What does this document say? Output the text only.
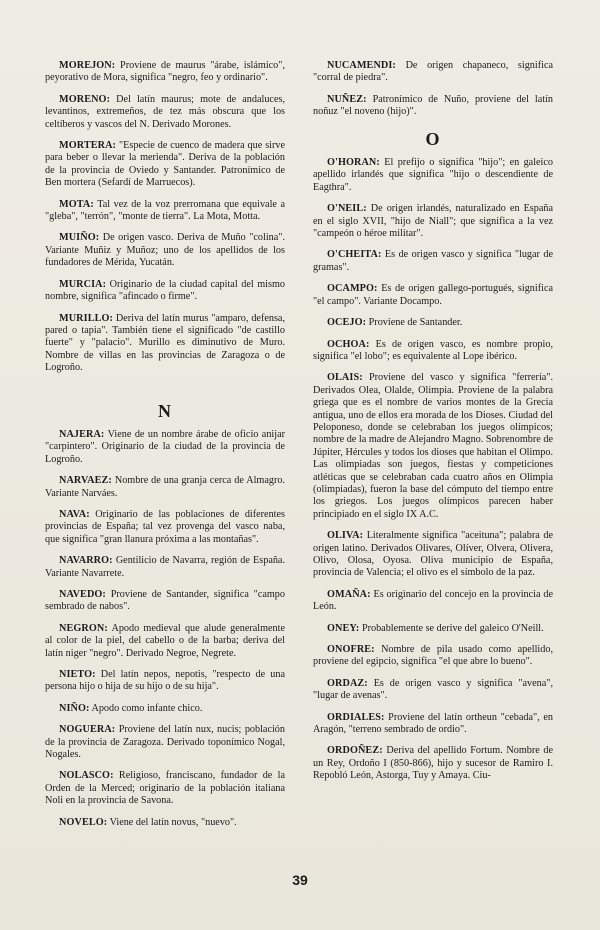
MOREJON: Proviene de maurus "árabe, islámico", peyorativo de Mora, significa "negro, feo y ordinario".

MORENO: Del latín maurus; mote de andaluces, levantinos, extremeños, de tez más obscura que los celtíberos y vascos del N. Derivado Morones.

MORTERA: "Especie de cuenco de madera que sirve para beber o llevar la merienda". Deriva de la población de la provincia de Oviedo y Santander. Patronímico de Ben mortera (Sefardí de Marruecos).

MOTA: Tal vez de la voz prerromana que equivale a "gleba", "terrón", "monte de tierra". La Mota, Motta.

MUIÑO: De origen vasco. Deriva de Muño "colina". Variante Muñiz y Muñoz; uno de los apellidos de los fundadores de Mérida, Yucatán.

MURCIA: Originario de la ciudad capital del mismo nombre, significa "afincado o firme".

MURILLO: Deriva del latín murus "amparo, defensa, pared o tapia". También tiene el significado "de castillo fuerte" y "palacio". Murillo es diminutivo de Muro. Nombre de villas en las provincias de Zaragoza o de Logroño.

N

NAJERA: Viene de un nombre árabe de oficio anijar "carpintero". Originario de la ciudad de la provincia de Logroño.

NARVAEZ: Nombre de una granja cerca de Almagro. Variante Narváes.

NAVA: Originario de las poblaciones de diferentes provincias de España; tal vez provenga del vasco naba, que significa "gran llanura próxima a las montañas".

NAVARRO: Gentilicio de Navarra, región de España. Variante Navarrete.

NAVEDO: Proviene de Santander, significa "campo sembrado de nabos".

NEGRON: Apodo medieval que alude generalmente al color de la piel, del cabello o de la barba; deriva del latín niger "negro". Derivado Negroe, Negrete.

NIETO: Del latín nepos, nepotis, "respecto de una persona hijo o hija de su hijo o de su hija".

NIÑO: Apodo como infante chico.

NOGUERA: Proviene del latín nux, nucis; población de la provincia de Zaragoza. Derivado toponímico Nogal, Nogales.

NOLASCO: Religioso, franciscano, fundador de la Orden de la Merced; originario de la población italiana Noli en la provincia de Savona.

NOVELO: Viene del latín novus, "nuevo".

NUCAMENDI: De origen chapaneco, significa "corral de piedra".

NUÑEZ: Patronímico de Nuño, proviene del latín noñuz "el noveno (hijo)".

O

O'HORAN: El prefijo o significa "hijo"; en galeico apellido irlandés que significa "hijo o descendiente de Eagthra".

O'NEIL: De origen irlandés, naturalizado en España en el siglo XVII, "hijo de Niall"; que significa a la vez "campeón o héroe militar".

O'CHEITA: Es de origen vasco y significa "lugar de gramas".

OCAMPO: Es de origen gallego-portugués, significa "el campo". Variante Docampo.

OCEJO: Proviene de Santander.

OCHOA: Es de origen vasco, es nombre propio, significa "el lobo"; es equivalente al Lope ibérico.

OLAIS: Proviene del vasco y significa "ferrería". Derivados Olea, Olalde, Olimpia. Proviene de la palabra griega que es el nombre de varios montes de la Grecia antigua, uno de ellos era morada de los Dioses. Ciudad del Peloponeso, donde se celebraban los juegos olímpicos; nombre de la madre de Alejandro Magno. Sobrenombre de Júpiter, Hércules y todos los dioses que habitan el Olimpo. Las olimpiadas son juegos, fiestas y competiciones atléticas que se celebraban cada cuatro años en Olimpia (olimpiadas), fueron la base del cómputo del tiempo entre los griegos. Los juegos olímpicos parecen haber principiado en el siglo IX A.C.

OLIVA: Literalmente significa "aceituna"; palabra de origen latino. Derivados Olivares, Olíver, Olvera, Olivera, Olivo, Olosa, Oyosa. Oliva municipio de España, provincia de Valencia; el olivo es el símbolo de la paz.

OMAÑA: Es originario del concejo en la provincia de León.

ONEY: Probablemente se derive del galeico O'Neill.

ONOFRE: Nombre de pila usado como apellido, proviene del egipcio, significa "el que abre lo bueno".

ORDAZ: Es de origen vasco y significa "avena", "lugar de avenas".

ORDIALES: Proviene del latín ortheun "cebada", en Aragón, "terreno sembrado de ordio".

ORDOÑEZ: Deriva del apellido Fortum. Nombre de un Rey, Ordoño I (850-866), hijo y sucesor de Ramiro I. Repobló León, Astorga, Tuy y Amaya. Ciu-

39
